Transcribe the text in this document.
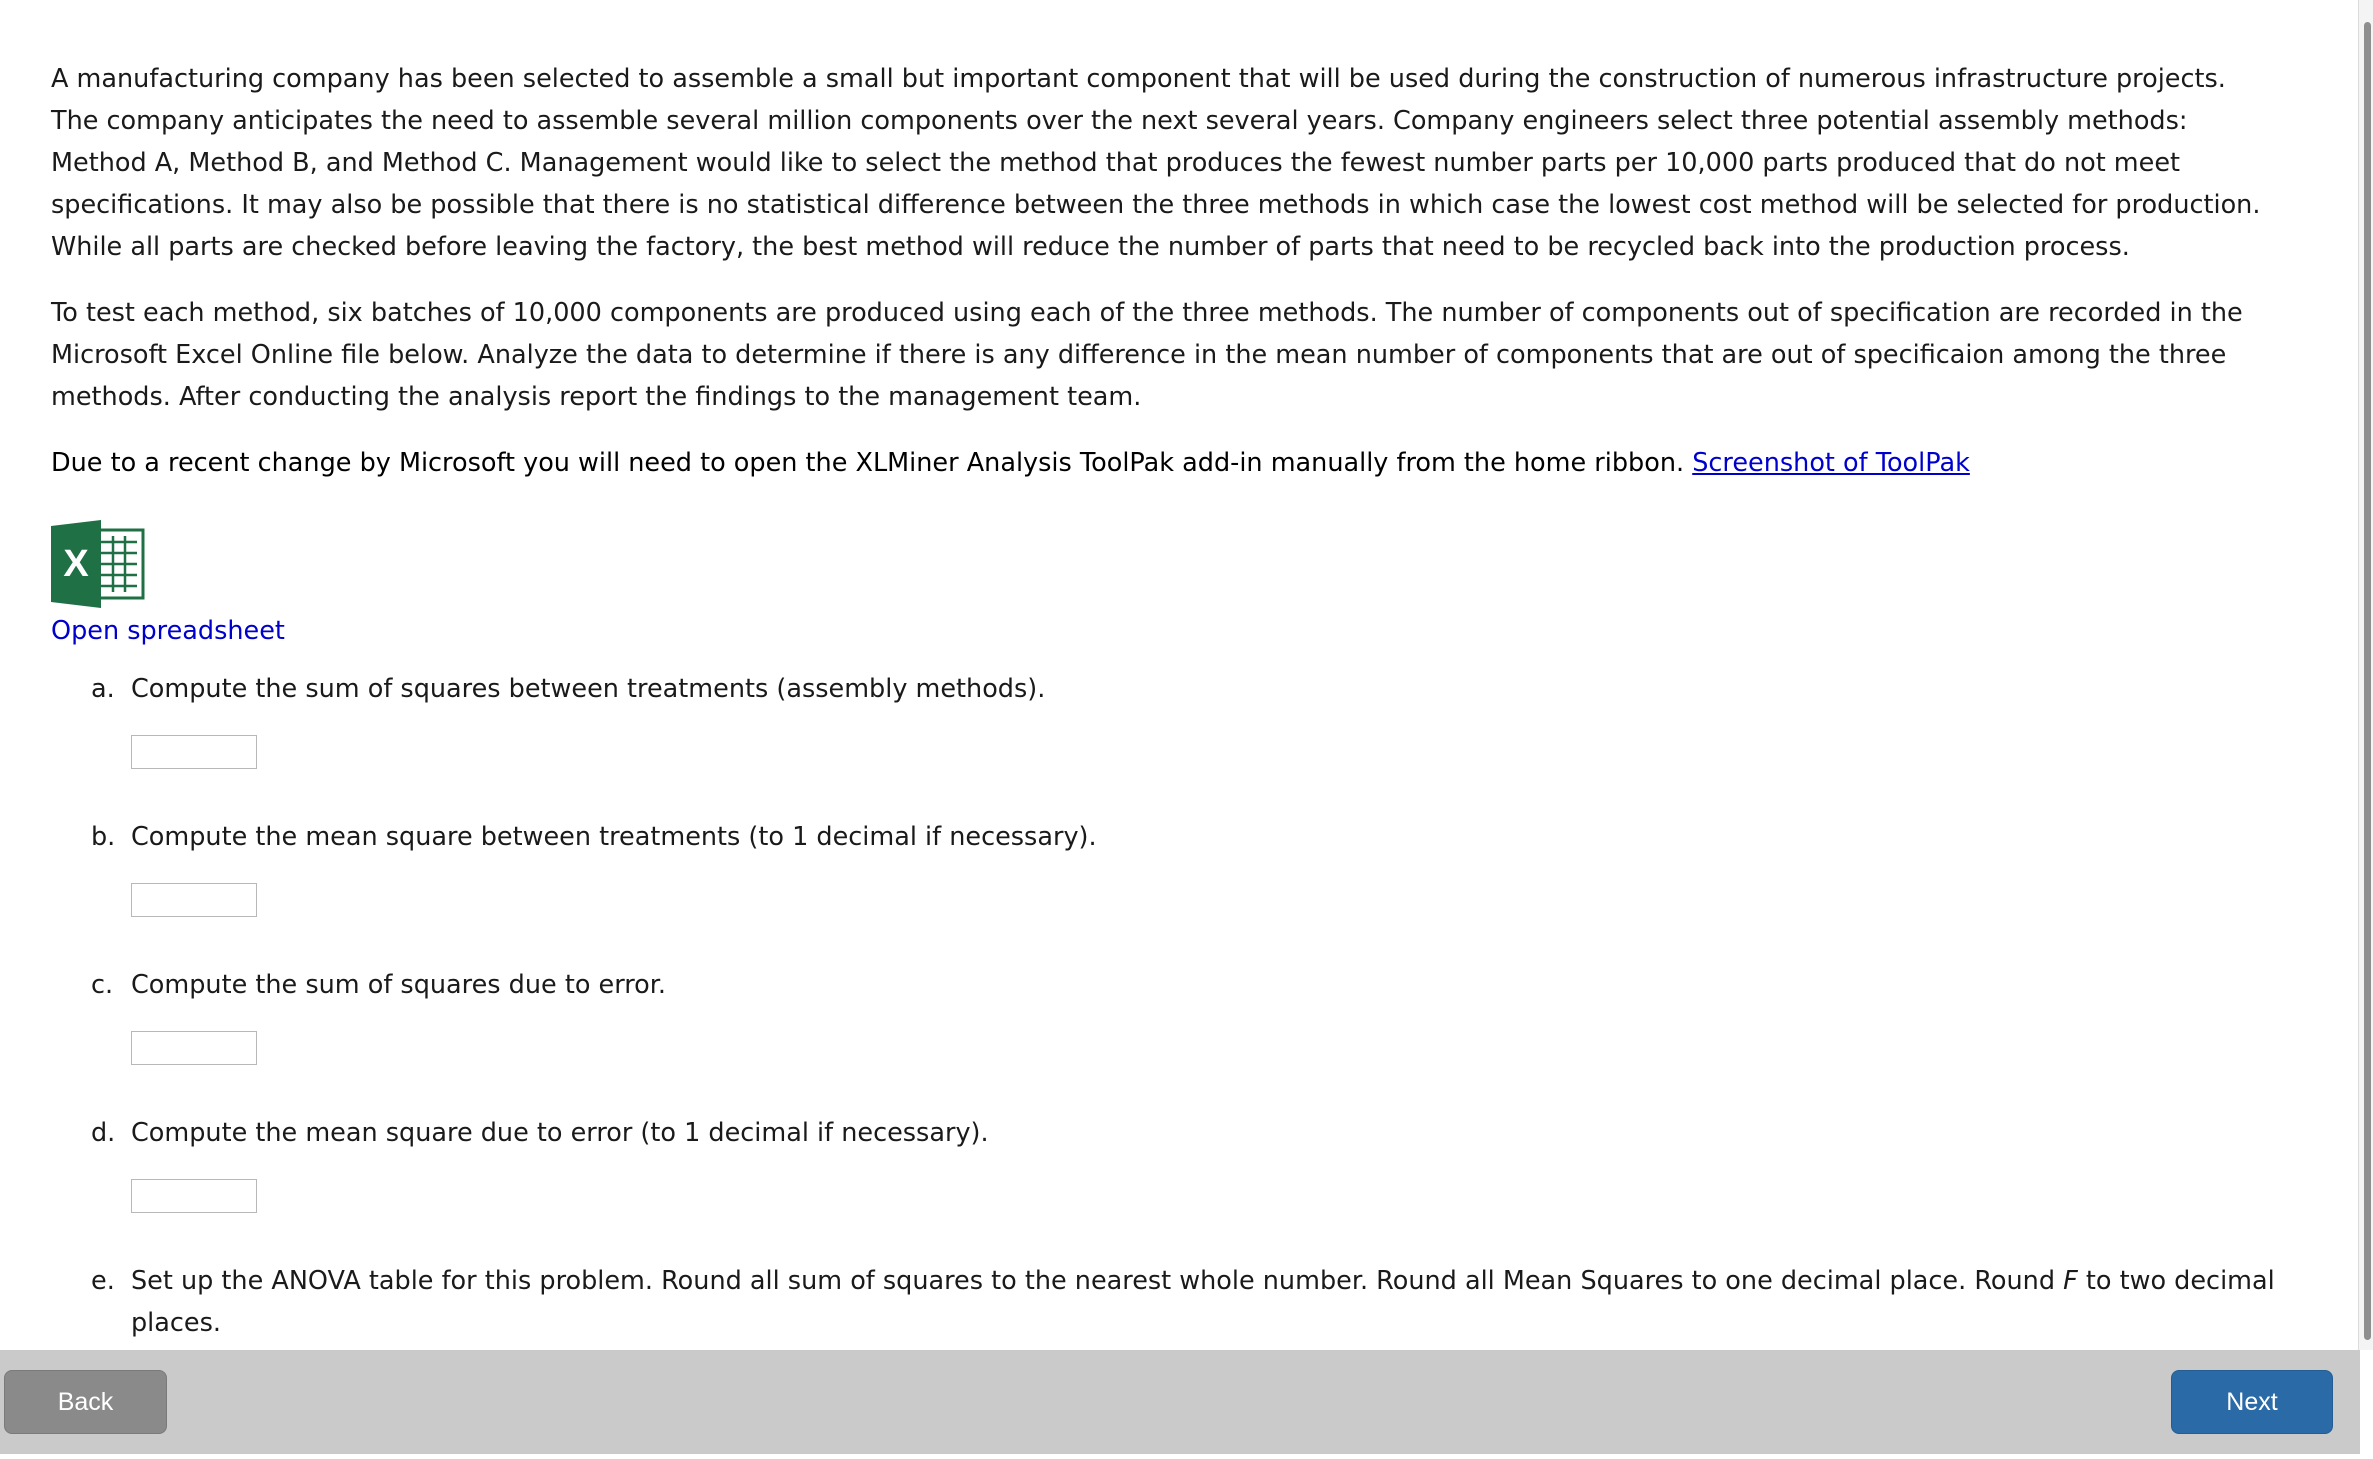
A manufacturing company has been selected to assemble a small but important component that will be used during the construction of numerous infrastructure projects. The company anticipates the need to assemble several million components over the next several years. Company engineers select three potential assembly methods: Method A, Method B, and Method C. Management would like to select the method that produces the fewest number parts per 10,000 parts produced that do not meet specifications. It may also be possible that there is no statistical difference between the three methods in which case the lowest cost method will be selected for production. While all parts are checked before leaving the factory, the best method will reduce the number of parts that need to be recycled back into the production process.

To test each method, six batches of 10,000 components are produced using each of the three methods. The number of components out of specification are recorded in the Microsoft Excel Online file below. Analyze the data to determine if there is any difference in the mean number of components that are out of specificaion among the three methods. After conducting the analysis report the findings to the management team.

Due to a recent change by Microsoft you will need to open the XLMiner Analysis ToolPak add-in manually from the home ribbon. Screenshot of ToolPak

X
Open spreadsheet
a. Compute the sum of squares between treatments (assembly methods).
b. Compute the mean square between treatments (to 1 decimal if necessary).
c. Compute the sum of squares due to error.
d. Compute the mean square due to error (to 1 decimal if necessary).
e. Set up the ANOVA table for this problem. Round all sum of squares to the nearest whole number. Round all Mean Squares to one decimal place. Round F to two decimal places.
Back	Next
